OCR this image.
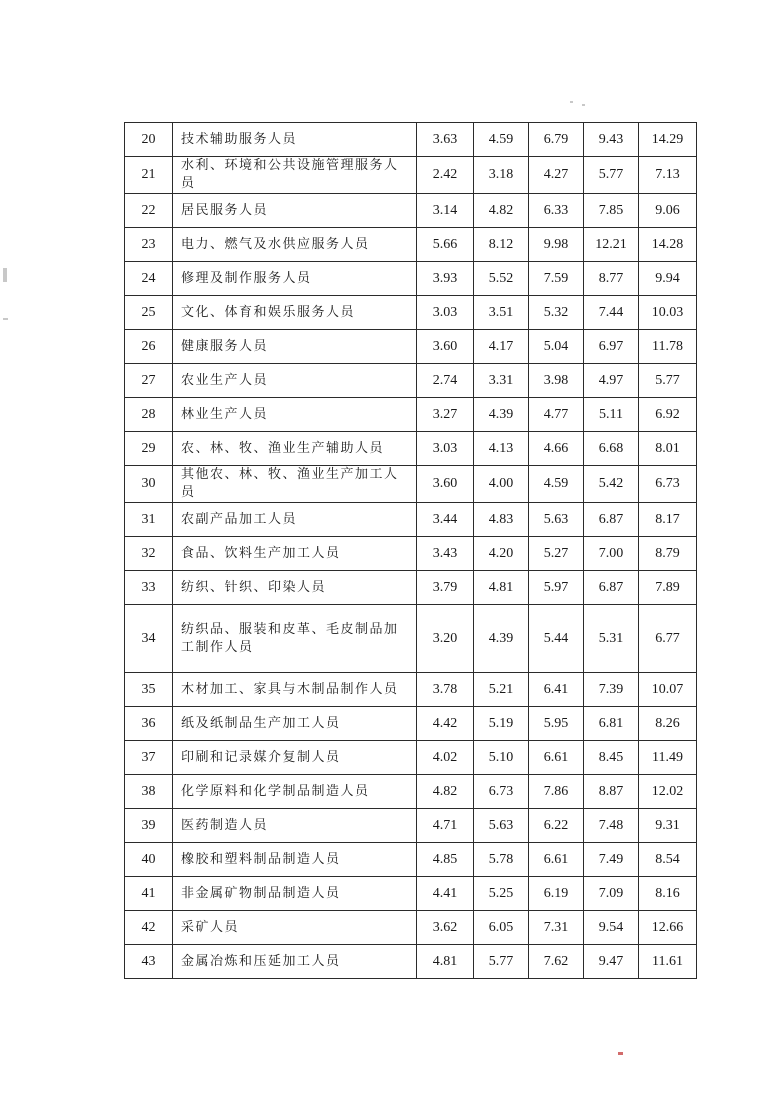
20	技术辅助服务人员	3.63	4.59	6.79	9.43	14.29
21	水利、环境和公共设施管理服务人员	2.42	3.18	4.27	5.77	7.13
22	居民服务人员	3.14	4.82	6.33	7.85	9.06
23	电力、燃气及水供应服务人员	5.66	8.12	9.98	12.21	14.28
24	修理及制作服务人员	3.93	5.52	7.59	8.77	9.94
25	文化、体育和娱乐服务人员	3.03	3.51	5.32	7.44	10.03
26	健康服务人员	3.60	4.17	5.04	6.97	11.78
27	农业生产人员	2.74	3.31	3.98	4.97	5.77
28	林业生产人员	3.27	4.39	4.77	5.11	6.92
29	农、林、牧、渔业生产辅助人员	3.03	4.13	4.66	6.68	8.01
30	其他农、林、牧、渔业生产加工人员	3.60	4.00	4.59	5.42	6.73
31	农副产品加工人员	3.44	4.83	5.63	6.87	8.17
32	食品、饮料生产加工人员	3.43	4.20	5.27	7.00	8.79
33	纺织、针织、印染人员	3.79	4.81	5.97	6.87	7.89
34	纺织品、服装和皮革、毛皮制品加工制作人员	3.20	4.39	5.44	5.31	6.77
35	木材加工、家具与木制品制作人员	3.78	5.21	6.41	7.39	10.07
36	纸及纸制品生产加工人员	4.42	5.19	5.95	6.81	8.26
37	印刷和记录媒介复制人员	4.02	5.10	6.61	8.45	11.49
38	化学原料和化学制品制造人员	4.82	6.73	7.86	8.87	12.02
39	医药制造人员	4.71	5.63	6.22	7.48	9.31
40	橡胶和塑料制品制造人员	4.85	5.78	6.61	7.49	8.54
41	非金属矿物制品制造人员	4.41	5.25	6.19	7.09	8.16
42	采矿人员	3.62	6.05	7.31	9.54	12.66
43	金属冶炼和压延加工人员	4.81	5.77	7.62	9.47	11.61
